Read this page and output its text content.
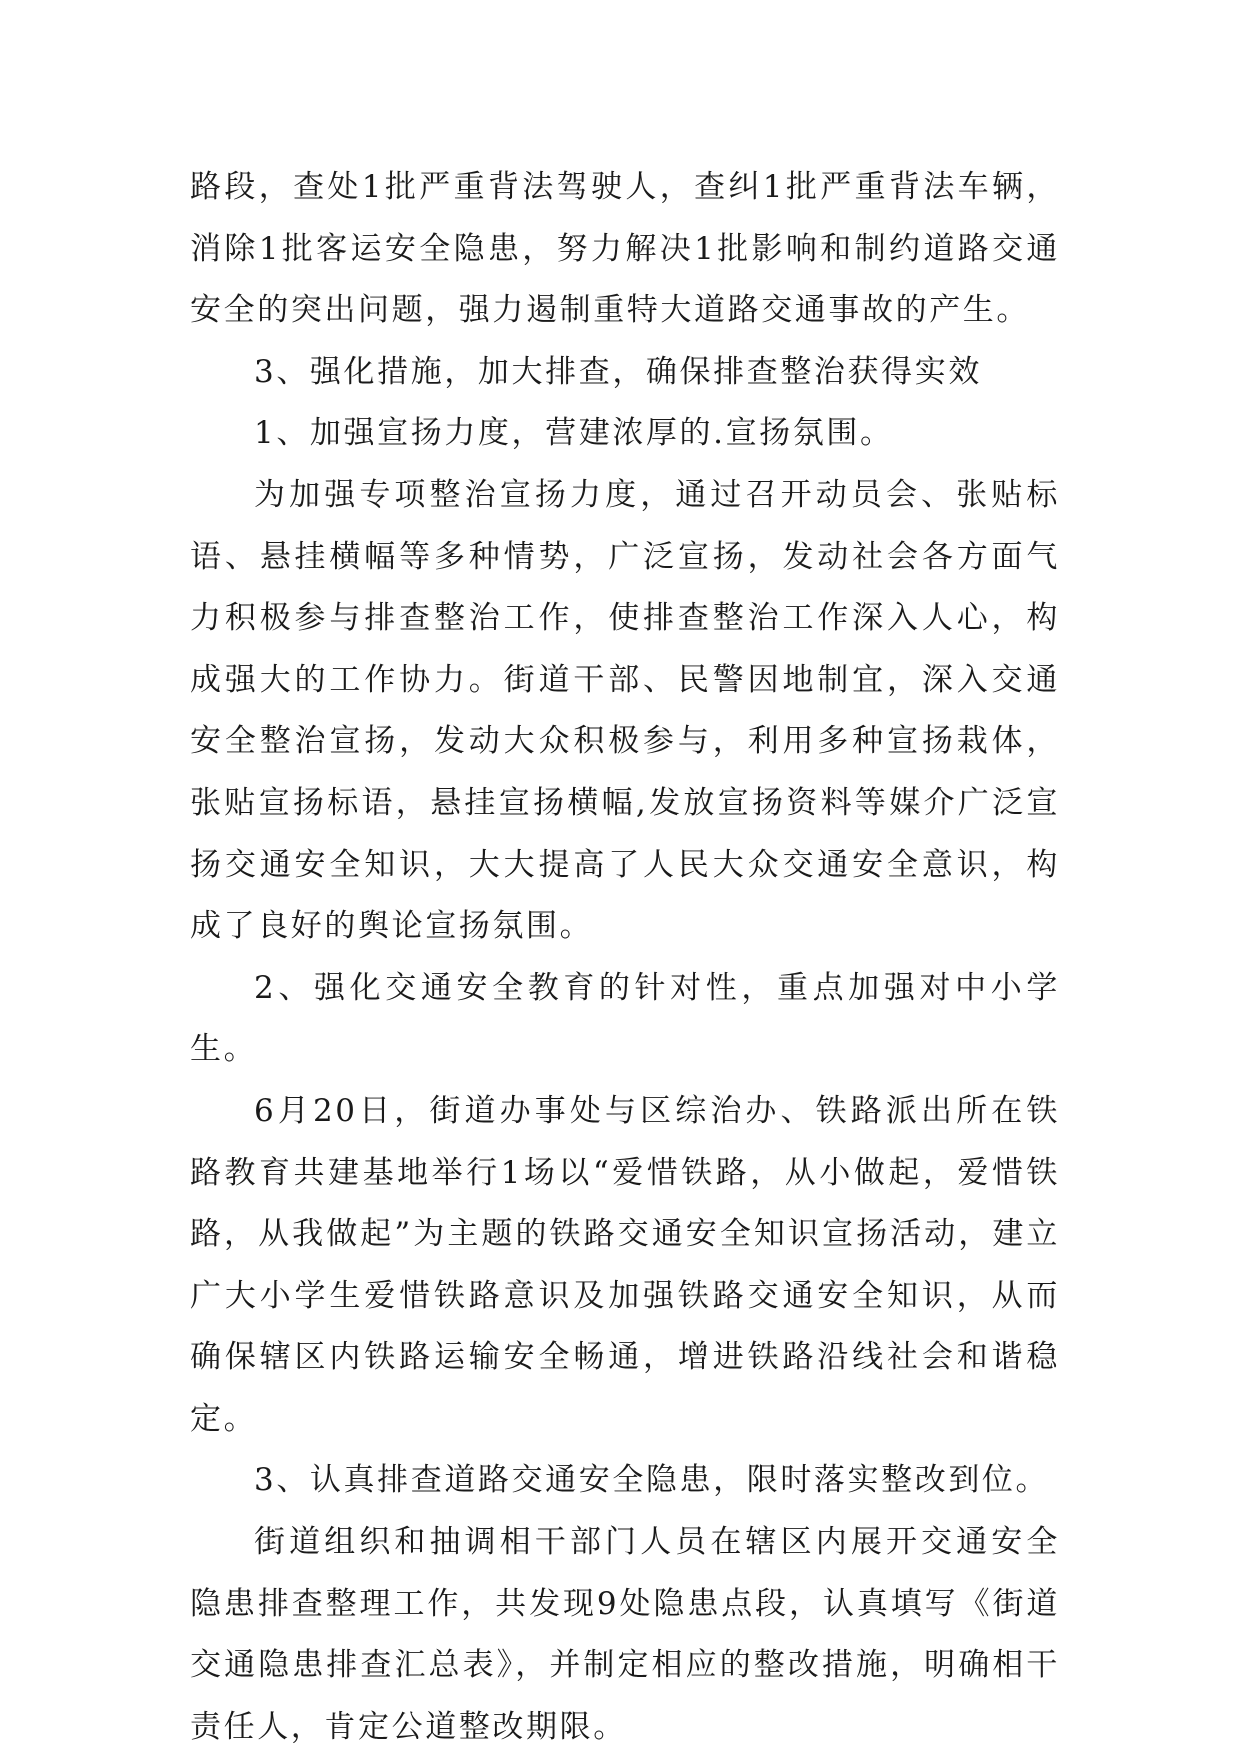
路段，查处1批严重背法驾驶人，查纠1批严重背法车辆，消除1批客运安全隐患，努力解决1批影响和制约道路交通安全的突出问题，强力遏制重特大道路交通事故的产生。

3、强化措施，加大排查，确保排查整治获得实效

1、加强宣扬力度，营建浓厚的.宣扬氛围。

为加强专项整治宣扬力度，通过召开动员会、张贴标语、悬挂横幅等多种情势，广泛宣扬，发动社会各方面气力积极参与排查整治工作，使排查整治工作深入人心，构成强大的工作协力。街道干部、民警因地制宜，深入交通安全整治宣扬，发动大众积极参与，利用多种宣扬栽体，张贴宣扬标语，悬挂宣扬横幅,发放宣扬资料等媒介广泛宣扬交通安全知识，大大提高了人民大众交通安全意识，构成了良好的舆论宣扬氛围。

2、强化交通安全教育的针对性，重点加强对中小学生。

6月20日，街道办事处与区综治办、铁路派出所在铁路教育共建基地举行1场以“爱惜铁路，从小做起，爱惜铁路，从我做起”为主题的铁路交通安全知识宣扬活动，建立广大小学生爱惜铁路意识及加强铁路交通安全知识，从而确保辖区内铁路运输安全畅通，增进铁路沿线社会和谐稳定。

3、认真排查道路交通安全隐患，限时落实整改到位。

街道组织和抽调相干部门人员在辖区内展开交通安全隐患排查整理工作，共发现9处隐患点段，认真填写《街道交通隐患排查汇总表》，并制定相应的整改措施，明确相干责任人，肯定公道整改期限。
